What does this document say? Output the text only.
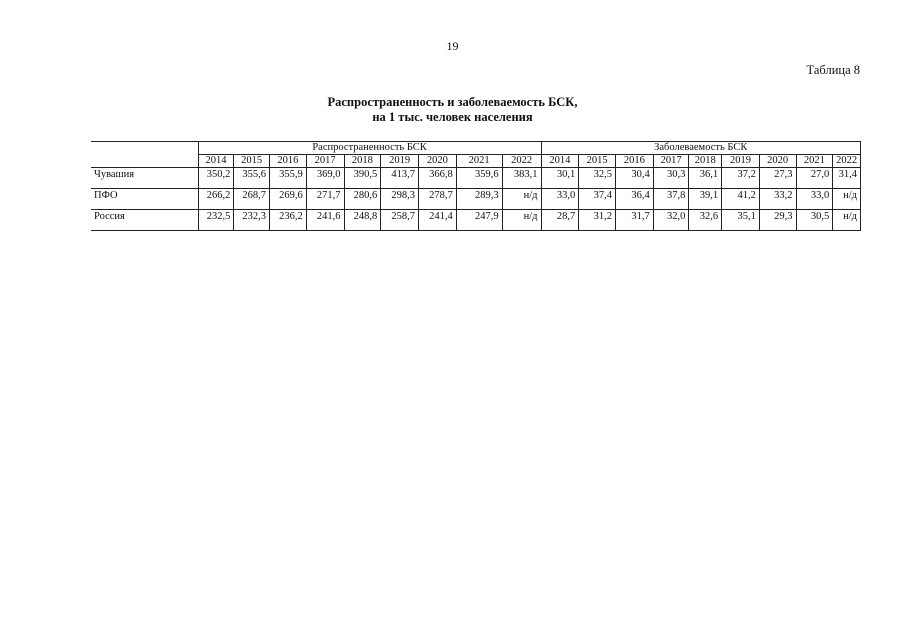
19
Таблица 8
Распространенность и заболеваемость БСК,
на 1 тыс. человек населения
	Распространенность БСК									Заболеваемость БСК								
	2014	2015	2016	2017	2018	2019	2020	2021	2022	2014	2015	2016	2017	2018	2019	2020	2021	2022
Чувашия	350,2	355,6	355,9	369,0	390,5	413,7	366,8	359,6	383,1	30,1	32,5	30,4	30,3	36,1	37,2	27,3	27,0	31,4
ПФО	266,2	268,7	269,6	271,7	280,6	298,3	278,7	289,3	н/д	33,0	37,4	36,4	37,8	39,1	41,2	33,2	33,0	н/д
Россия	232,5	232,3	236,2	241,6	248,8	258,7	241,4	247,9	н/д	28,7	31,2	31,7	32,0	32,6	35,1	29,3	30,5	н/д
